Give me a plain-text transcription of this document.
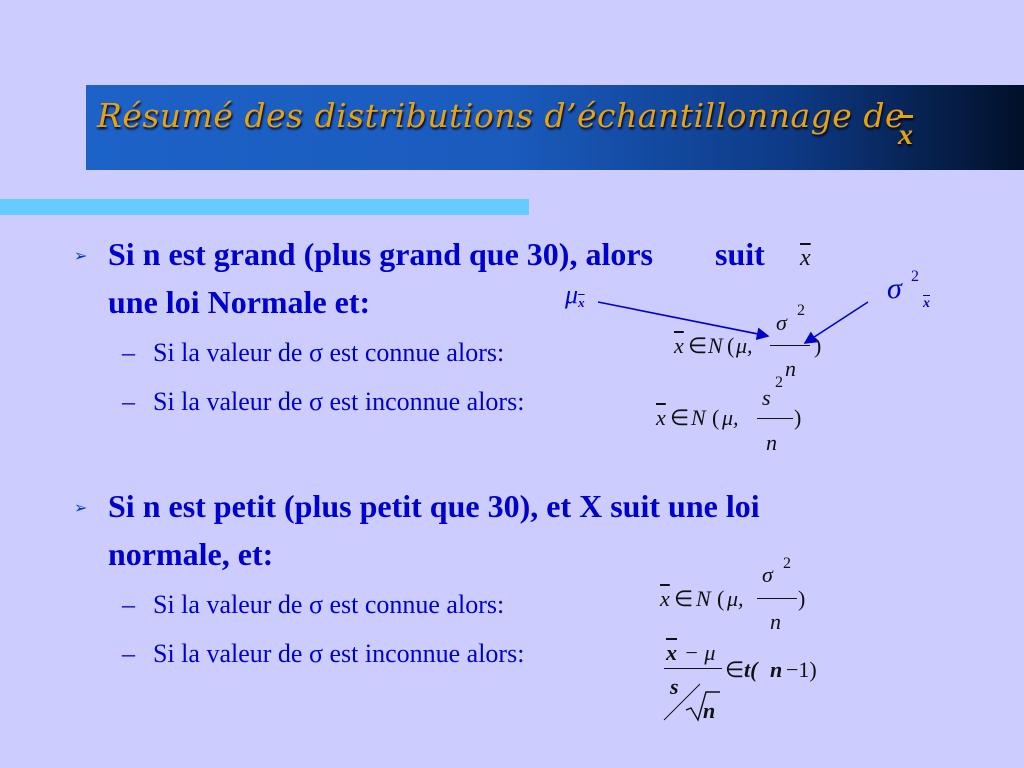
Résumé des distributions d’échantillonnage de
$\overline{x}$
➢ Si n est grand (plus grand que 30), alors suit $\overline{x}$
une loi Normale et:
– Si la valeur de σ est connue alors:
– Si la valeur de σ est inconnue alors:
$\mu\overline{x}$	σ 2
$\overline{x}$
$\overline{x}$ ∈ N ( μ,
σ 2
n
)
$\overline{x}$ ∈ N ( μ,
s
2
n
)
➢ Si n est petit (plus petit que 30), et X suit une loi
normale, et:
– Si la valeur de σ est connue alors:
– Si la valeur de σ est inconnue alors:
$\overline{x}$ ∈ N ( μ,
σ 2
n
)
$\overline{x} - \mu$
s
n
∈ t( n −1)
